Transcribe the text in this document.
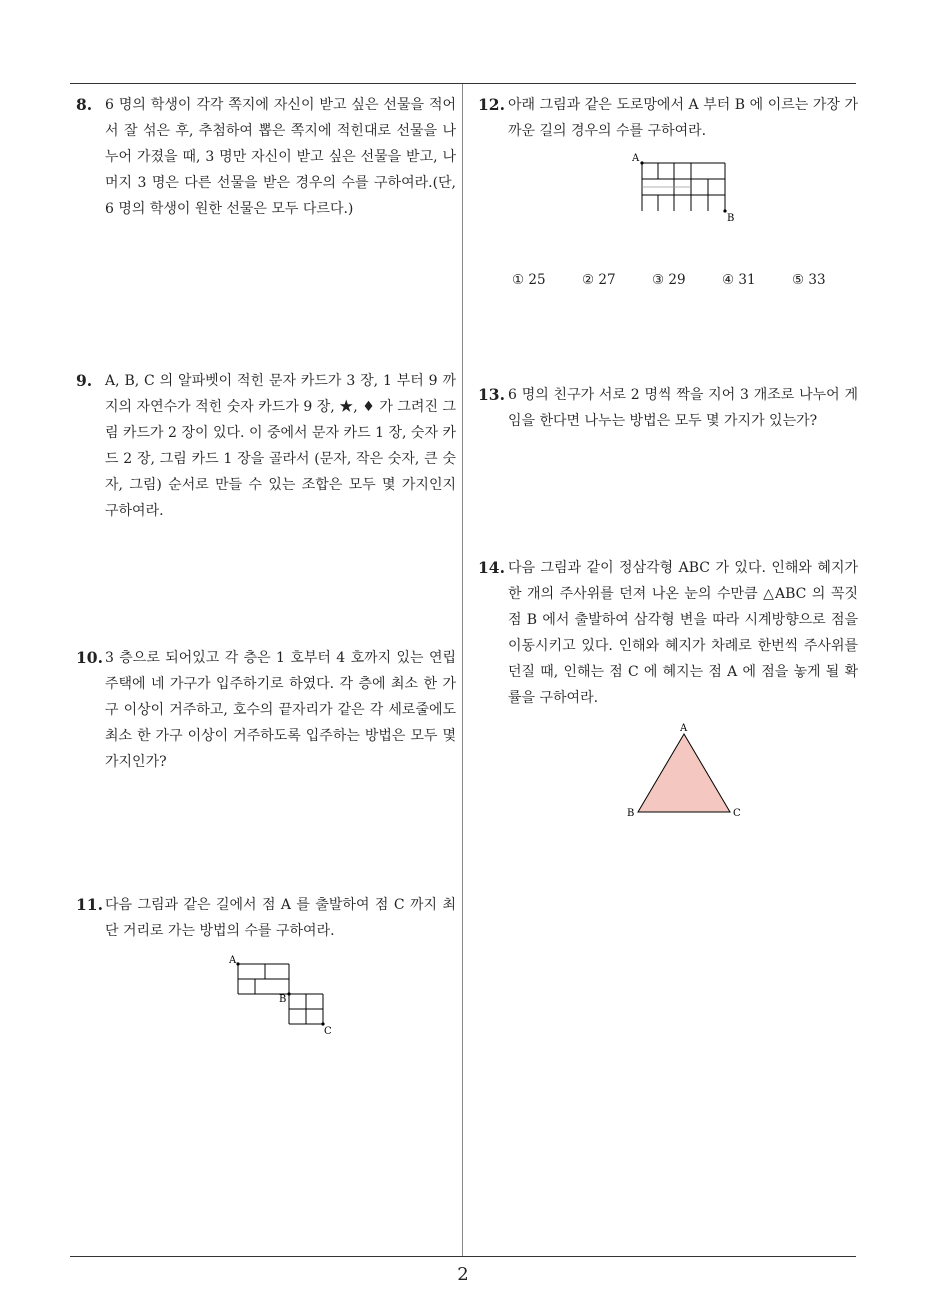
8. 6 명의 학생이 각각 쪽지에 자신이 받고 싶은 선물을 적어서 잘 섞은 후, 추첨하여 뽑은 쪽지에 적힌대로 선물을 나누어 가졌을 때, 3 명만 자신이 받고 싶은 선물을 받고, 나머지 3 명은 다른 선물을 받은 경우의 수를 구하여라.(단, 6 명의 학생이 원한 선물은 모두 다르다.)
9. A, B, C 의 알파벳이 적힌 문자 카드가 3 장, 1 부터 9 까지의 자연수가 적힌 숫자 카드가 9 장, ★, ♦ 가 그려진 그림 카드가 2 장이 있다. 이 중에서 문자 카드 1 장, 숫자 카드 2 장, 그림 카드 1 장을 골라서 (문자, 작은 숫자, 큰 숫자, 그림) 순서로 만들 수 있는 조합은 모두 몇 가지인지 구하여라.
10. 3 층으로 되어있고 각 층은 1 호부터 4 호까지 있는 연립 주택에 네 가구가 입주하기로 하였다. 각 층에 최소 한 가구 이상이 거주하고, 호수의 끝자리가 같은 각 세로줄에도 최소 한 가구 이상이 거주하도록 입주하는 방법은 모두 몇 가지인가?
11. 다음 그림과 같은 길에서 점 A 를 출발하여 점 C 까지 최단 거리로 가는 방법의 수를 구하여라.
A
B
C
12. 아래 그림과 같은 도로망에서 A 부터 B 에 이르는 가장 가까운 길의 경우의 수를 구하여라.
A
B
① 25	② 27	③ 29	④ 31	⑤ 33
13. 6 명의 친구가 서로 2 명씩 짝을 지어 3 개조로 나누어 게임을 한다면 나누는 방법은 모두 몇 가지가 있는가?
14. 다음 그림과 같이 정삼각형 ABC 가 있다. 인해와 혜지가 한 개의 주사위를 던져 나온 눈의 수만큼 △ABC 의 꼭짓점 B 에서 출발하여 삼각형 변을 따라 시계방향으로 점을 이동시키고 있다. 인해와 혜지가 차례로 한번씩 주사위를 던질 때, 인해는 점 C 에 혜지는 점 A 에 점을 놓게 될 확률을 구하여라.
A
B	C
2
